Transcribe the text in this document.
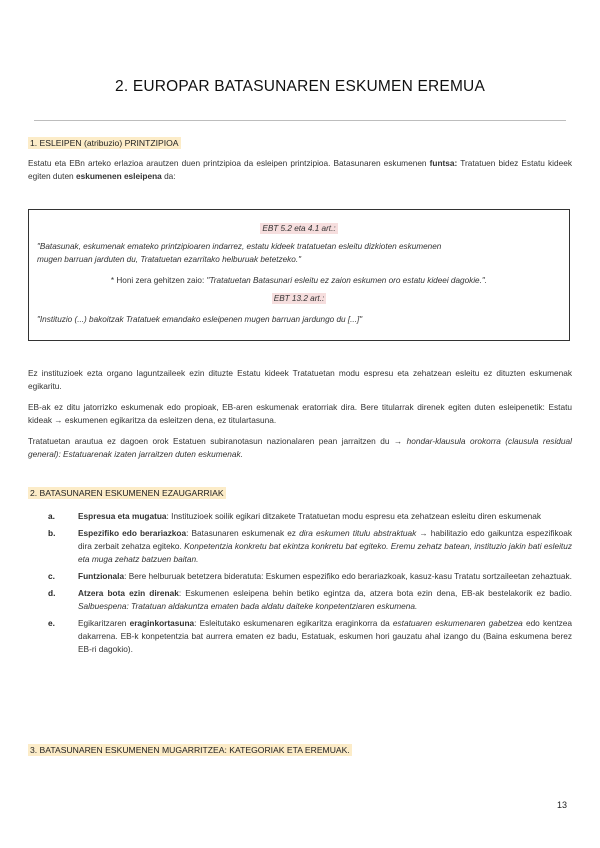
2. EUROPAR BATASUNAREN ESKUMEN EREMUA
1. ESLEIPEN (atribuzio) PRINTZIPIOA
Estatu eta EBn arteko erlazioa arautzen duen printzipioa da esleipen printzipioa. Batasunaren eskumenen funtsa: Tratatuen bidez Estatu kideek egiten duten eskumenen esleipena da:
EBT 5.2 eta 4.1 art.:
"Batasunak, eskumenak emateko printzipioaren indarrez, estatu kideek tratatuetan esleitu dizkioten eskumenen
mugen barruan jarduten du, Tratatuetan ezarritako helburuak betetzeko."
* Honi zera gehitzen zaio: "Tratatuetan Batasunari esleitu ez zaion eskumen oro estatu kideei dagokie.".
EBT 13.2 art.:
"Instituzio (...) bakoitzak Tratatuek emandako esleipenen mugen barruan jardungo du [...]"
Ez instituzioek ezta organo laguntzaileek ezin dituzte Estatu kideek Tratatuetan modu espresu eta zehatzean esleitu ez dituzten eskumenak egikaritu.
EB-ak ez ditu jatorrizko eskumenak edo propioak, EB-aren eskumenak eratorriak dira. Bere titularrak direnek egiten duten esleipenetik: Estatu kideak → eskumenen egikaritza da esleitzen dena, ez titulartasuna.
Tratatuetan arautua ez dagoen orok Estatuen subiranotasun nazionalaren pean jarraitzen du → hondar-klausula orokorra (clausula residual general): Estatuarenak izaten jarraitzen duten eskumenak.
2. BATASUNAREN ESKUMENEN EZAUGARRIAK
a.	Espresua eta mugatua: Instituzioek soilik egikari ditzakete Tratatuetan modu espresu eta zehatzean esleitu diren eskumenak
b.	Espezifiko edo berariazkoa: Batasunaren eskumenak ez dira eskumen titulu abstraktuak → habilitazio edo gaikuntza espezifikoak dira zerbait zehatza egiteko. Konpetentzia konkretu bat ekintza konkretu bat egiteko. Eremu zehatz batean, instituzio jakin bati esleituz eta muga zehatz batzuen baitan.
c.	Funtzionala: Bere helburuak betetzera bideratuta: Eskumen espezifiko edo berariazkoak, kasuz-kasu Tratatu sortzaileetan zehaztuak.
d.	Atzera bota ezin direnak: Eskumenen esleipena behin betiko egintza da, atzera bota ezin dena, EB-ak bestelakorik ez badio. Salbuespena: Tratatuan aldakuntza ematen bada aldatu daiteke konpetentziaren eskumena.
e.	Egikaritzaren eraginkortasuna: Esleitutako eskumenaren egikaritza eraginkorra da estatuaren eskumenaren gabetzea edo kentzea dakarrena. EB-k konpetentzia bat aurrera ematen ez badu, Estatuak, eskumen hori gauzatu ahal izango du (Baina eskumena berez EB-ri dagokio).
3. BATASUNAREN ESKUMENEN MUGARRITZEA: KATEGORIAK ETA EREMUAK.
13
